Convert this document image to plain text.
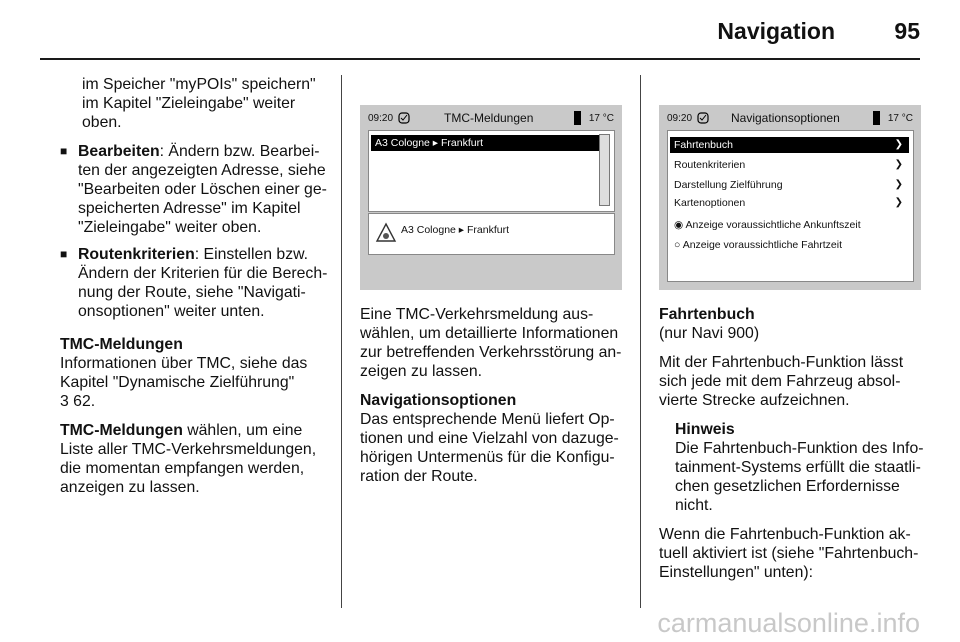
Navigation	95

im Speicher "myPOIs" speichern" im Kapitel "Zieleingabe" weiter oben.

■ Bearbeiten: Ändern bzw. Bearbeiten der angezeigten Adresse, siehe "Bearbeiten oder Löschen einer gespeicherten Adresse" im Kapitel "Zieleingabe" weiter oben.
■ Routenkriterien: Einstellen bzw. Ändern der Kriterien für die Berechnung der Route, siehe "Navigationsoptionen" weiter unten.

TMC-Meldungen

Informationen über TMC, siehe das Kapitel "Dynamische Zielführung"

3 62.

TMC-Meldungen wählen, um eine Liste aller TMC-Verkehrsmeldungen, die momentan empfangen werden, anzeigen zu lassen.

09:20	TMC-Meldungen	17 °C
A3 Cologne ▸ Frankfurt
A3 Cologne ▸ Frankfurt

Eine TMC-Verkehrsmeldung auswählen, um detaillierte Informationen zur betreffenden Verkehrsstörung anzeigen zu lassen.

Navigationsoptionen

Das entsprechende Menü liefert Optionen und eine Vielzahl von dazugehörigen Untermenüs für die Konfiguration der Route.

09:20	Navigationsoptionen	17 °C
Fahrtenbuch	❯
Routenkriterien	❯
Darstellung Zielführung	❯
Kartenoptionen	❯
◉ Anzeige voraussichtliche Ankunftszeit
○ Anzeige voraussichtliche Fahrtzeit

Fahrtenbuch

(nur Navi 900)

Mit der Fahrtenbuch-Funktion lässt sich jede mit dem Fahrzeug absolvierte Strecke aufzeichnen.

Hinweis
Die Fahrtenbuch-Funktion des Infotainment-Systems erfüllt die staatlichen gesetzlichen Erfordernisse nicht.

Wenn die Fahrtenbuch-Funktion aktuell aktiviert ist (siehe "Fahrtenbuch-Einstellungen" unten):

carmanualsonline.info
